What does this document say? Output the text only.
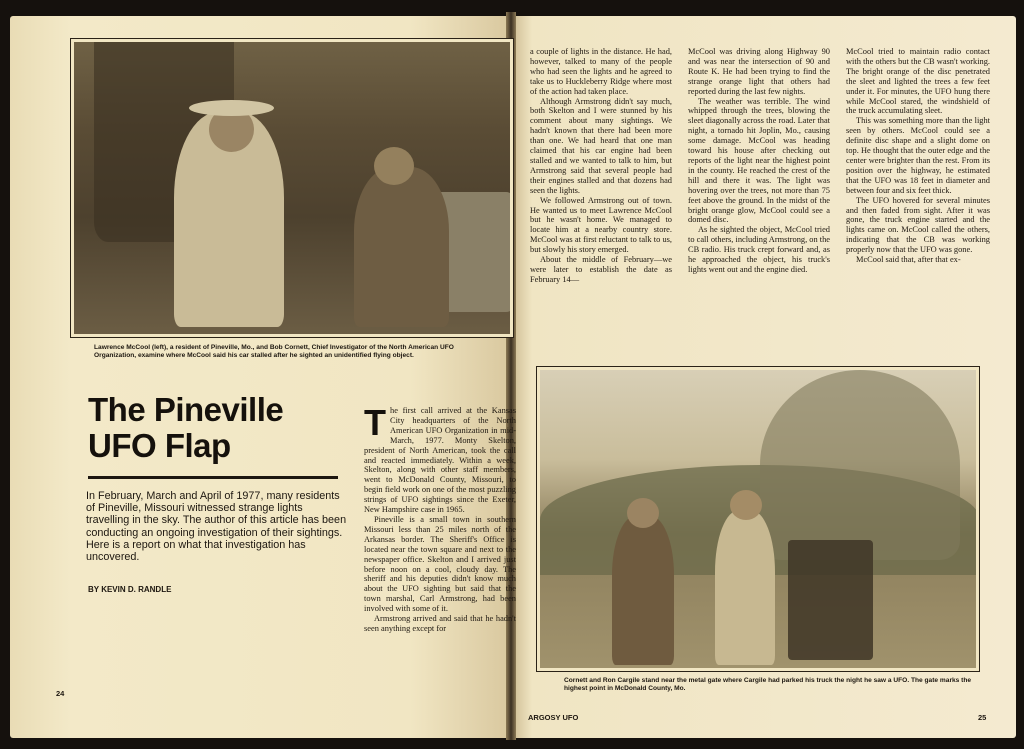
Lawrence McCool (left), a resident of Pineville, Mo., and Bob Cornett, Chief Investigator of the North American UFO Organization, examine where McCool said his car stalled after he sighted an unidentified flying object.
The Pineville
UFO Flap
In February, March and April of 1977, many residents of Pineville, Missouri witnessed strange lights travelling in the sky. The author of this article has been conducting an ongoing investigation of their sightings. Here is a report on what that investigation has uncovered.
BY KEVIN D. RANDLE

The first call arrived at the Kansas City headquarters of the North American UFO Organization in mid-March, 1977. Monty Skelton, president of North American, took the call and reacted immediately. Within a week, Skelton, along with other staff members, went to McDonald County, Missouri, to begin field work on one of the most puzzling strings of UFO sightings since the Exeter, New Hampshire case in 1965.

Pineville is a small town in southern Missouri less than 25 miles north of the Arkansas border. The Sheriff's Office is located near the town square and next to the newspaper office. Skelton and I arrived just before noon on a cool, cloudy day. The sheriff and his deputies didn't know much about the UFO sighting but said that the town marshal, Carl Armstrong, had been involved with some of it.

Armstrong arrived and said that he hadn't seen anything except for

a couple of lights in the distance. He had, however, talked to many of the people who had seen the lights and he agreed to take us to Huckleberry Ridge where most of the action had taken place.

Although Armstrong didn't say much, both Skelton and I were stunned by his comment about many sightings. We hadn't known that there had been more than one. We had heard that one man claimed that his car engine had been stalled and we wanted to talk to him, but Armstrong said that several people had their engines stalled and that dozens had seen the lights.

We followed Armstrong out of town. He wanted us to meet Lawrence McCool but he wasn't home. We managed to locate him at a nearby country store. McCool was at first reluctant to talk to us, but slowly his story emerged.

About the middle of February—we were later to establish the date as February 14—

McCool was driving along Highway 90 and was near the intersection of 90 and Route K. He had been trying to find the strange orange light that others had reported during the last few nights.

The weather was terrible. The wind whipped through the trees, blowing the sleet diagonally across the road. Later that night, a tornado hit Joplin, Mo., causing some damage. McCool was heading toward his house after checking out reports of the light near the highest point in the county. He reached the crest of the hill and there it was. The light was hovering over the trees, not more than 75 feet above the ground. In the midst of the bright orange glow, McCool could see a domed disc.

As he sighted the object, McCool tried to call others, including Armstrong, on the CB radio. His truck crept forward and, as he approached the object, his truck's lights went out and the engine died.

McCool tried to maintain radio contact with the others but the CB wasn't working. The bright orange of the disc penetrated the sleet and lighted the trees a few feet under it. For minutes, the UFO hung there while McCool stared, the windshield of the truck accumulating sleet.

This was something more than the light seen by others. McCool could see a definite disc shape and a slight dome on top. He thought that the outer edge and the center were brighter than the rest. From its position over the highway, he estimated that the UFO was 18 feet in diameter and between four and six feet thick.

The UFO hovered for several minutes and then faded from sight. After it was gone, the truck engine started and the lights came on. McCool called the others, indicating that the CB was working properly now that the UFO was gone.

McCool said that, after that ex-

Cornett and Ron Cargile stand near the metal gate where Cargile had parked his truck the night he saw a UFO. The gate marks the highest point in McDonald County, Mo.
24
ARGOSY UFO	25
